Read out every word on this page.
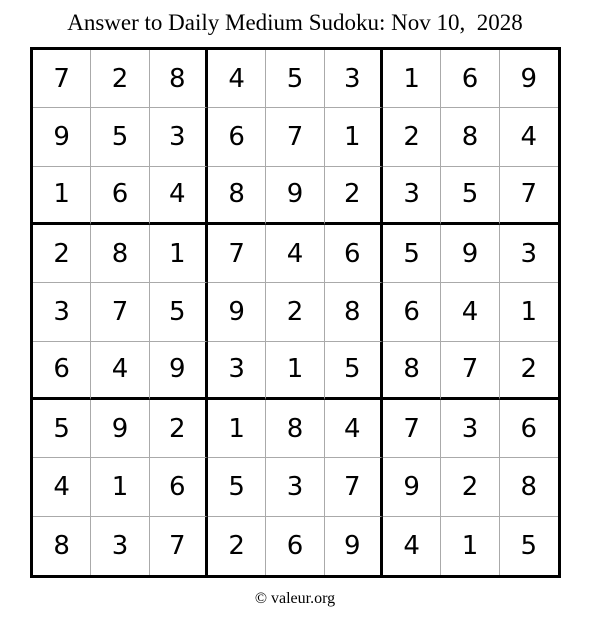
Answer to Daily Medium Sudoku: Nov 10,  2028
7	2	8	4	5	3	1	6	9
9	5	3	6	7	1	2	8	4
1	6	4	8	9	2	3	5	7
2	8	1	7	4	6	5	9	3
3	7	5	9	2	8	6	4	1
6	4	9	3	1	5	8	7	2
5	9	2	1	8	4	7	3	6
4	1	6	5	3	7	9	2	8
8	3	7	2	6	9	4	1	5
© valeur.org
